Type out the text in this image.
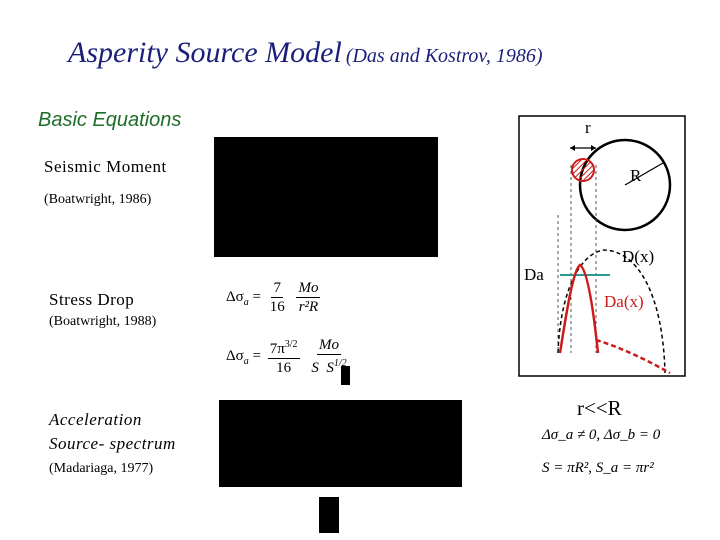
Asperity Source Model (Das and Kostrov, 1986)
Basic Equations
Seismic Moment
(Boatwright, 1986)
Stress Drop
(Boatwright, 1988)
Acceleration
Source- spectrum
(Madariaga, 1977)
$\Delta\sigma_a = \frac{7}{16}$
$\frac{Mo}{\text{r²R}}$
$\Delta\sigma_a = \frac{7\pi^{3/2}}{16}$
$\frac{Mo}{S S^{1/2}}$
r
R
D(x)
Da
Da(x)
r<<R
Δσ_a ≠ 0, Δσ_b = 0
S = πR², S_a = πr²
